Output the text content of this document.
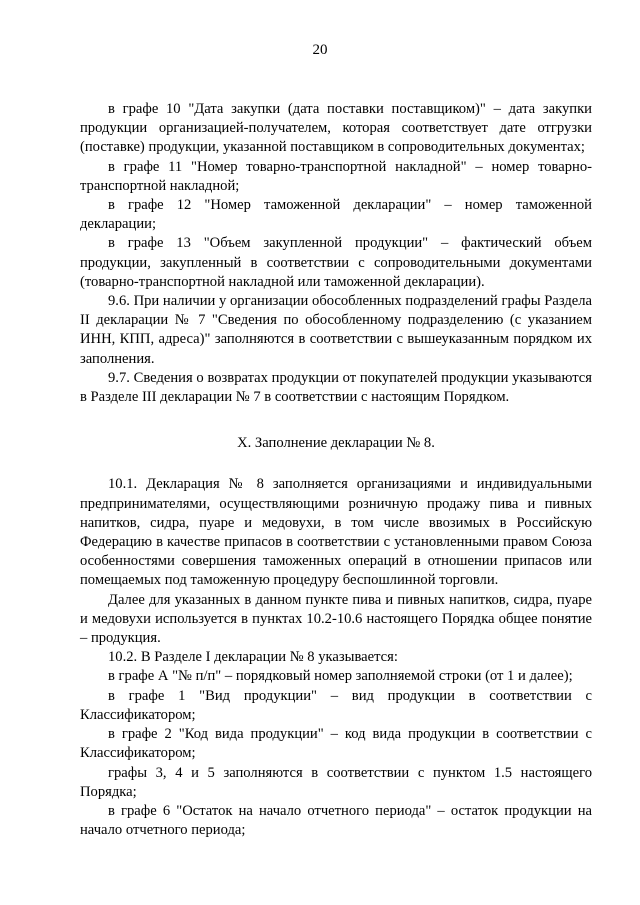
20

в графе 10 "Дата закупки (дата поставки поставщиком)" – дата закупки продукции организацией-получателем, которая соответствует дате отгрузки (поставке) продукции, указанной поставщиком в сопроводительных документах;

в графе 11 "Номер товарно-транспортной накладной" – номер товарно-транспортной накладной;

в графе 12 "Номер таможенной декларации" – номер таможенной декларации;

в графе 13 "Объем закупленной продукции" – фактический объем продукции, закупленный в соответствии с сопроводительными документами (товарно-транспортной накладной или таможенной декларации).

9.6. При наличии у организации обособленных подразделений графы Раздела II декларации № 7 "Сведения по обособленному подразделению (с указанием ИНН, КПП, адреса)" заполняются в соответствии с вышеуказанным порядком их заполнения.

9.7. Сведения о возвратах продукции от покупателей продукции указываются в Разделе III декларации № 7 в соответствии с настоящим Порядком.

X. Заполнение декларации № 8.

10.1. Декларация № 8 заполняется организациями и индивидуальными предпринимателями, осуществляющими розничную продажу пива и пивных напитков, сидра, пуаре и медовухи, в том числе ввозимых в Российскую Федерацию в качестве припасов в соответствии с установленными правом Союза особенностями совершения таможенных операций в отношении припасов или помещаемых под таможенную процедуру беспошлинной торговли.

Далее для указанных в данном пункте пива и пивных напитков, сидра, пуаре и медовухи используется в пунктах 10.2-10.6 настоящего Порядка общее понятие – продукция.

10.2. В Разделе I декларации № 8 указывается:

в графе А "№ п/п" – порядковый номер заполняемой строки (от 1 и далее);

в графе 1 "Вид продукции" – вид продукции в соответствии с Классификатором;

в графе 2 "Код вида продукции" – код вида продукции в соответствии с Классификатором;

графы 3, 4 и 5 заполняются в соответствии с пунктом 1.5 настоящего Порядка;

в графе 6 "Остаток на начало отчетного периода" – остаток продукции на начало отчетного периода;
